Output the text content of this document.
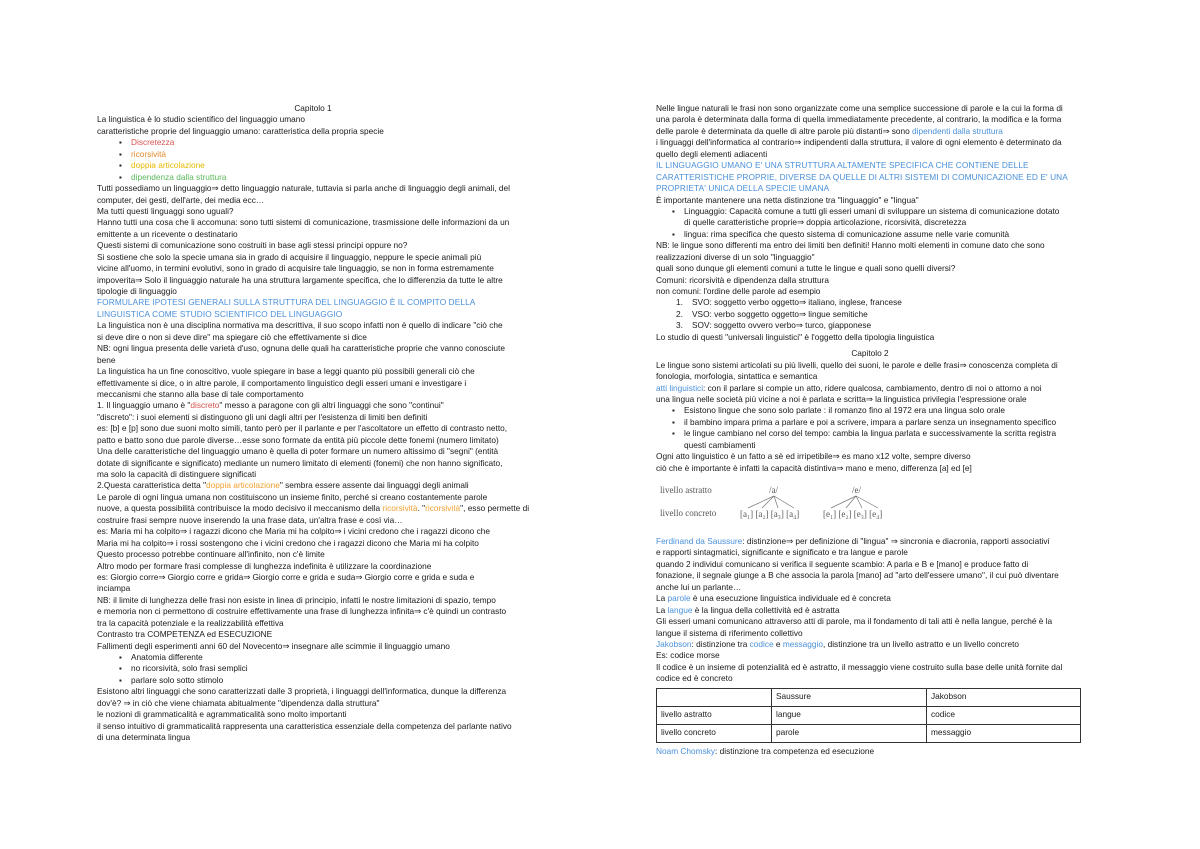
Capitolo 1
La linguistica è lo studio scientifico del linguaggio umano
caratteristiche proprie del linguaggio umano: caratteristica della propria specie
▪ Discretezza
▪ ricorsività
▪ doppia articolazione
▪ dipendenza dalla struttura
Tutti possediamo un linguaggio⇒ detto linguaggio naturale, tuttavia si parla anche di linguaggio degli animali, del
computer, dei gesti, dell'arte, dei media ecc…
Ma tutti questi linguaggi sono uguali?
Hanno tutti una cosa che li accomuna: sono tutti sistemi di comunicazione, trasmissione delle informazioni da un
emittente a un ricevente o destinatario
Questi sistemi di comunicazione sono costruiti in base agli stessi principi oppure no?
Si sostiene che solo la specie umana sia in grado di acquisire il linguaggio, neppure le specie animali più
vicine all'uomo, in termini evolutivi, sono in grado di acquisire tale linguaggio, se non in forma estremamente
impoverita⇒ Solo il linguaggio naturale ha una struttura largamente specifica, che lo differenzia da tutte le altre
tipologie di linguaggio
FORMULARE IPOTESI GENERALI SULLA STRUTTURA DEL LINGUAGGIO È IL COMPITO DELLA
LINGUISTICA COME STUDIO SCIENTIFICO DEL LINGUAGGIO
La linguistica non è una disciplina normativa ma descrittiva, il suo scopo infatti non è quello di indicare "ciò che
si deve dire o non si deve dire" ma spiegare ciò che effettivamente si dice
NB: ogni lingua presenta delle varietà d'uso, ognuna delle quali ha caratteristiche proprie che vanno conosciute
bene
La linguistica ha un fine conoscitivo, vuole spiegare in base a leggi quanto più possibili generali ciò che
effettivamente si dice, o in altre parole, il comportamento linguistico degli esseri umani e investigare i
meccanismi che stanno alla base di tale comportamento
1. Il linguaggio umano è "discreto" messo a paragone con gli altri linguaggi che sono "continui"
"discreto": i suoi elementi si distinguono gli uni dagli altri per l'esistenza di limiti ben definiti
es: [b] e [p] sono due suoni molto simili, tanto però per il parlante e per l'ascoltatore un effetto di contrasto netto,
patto e batto sono due parole diverse…esse sono formate da entità più piccole dette fonemi (numero limitato)
Una delle caratteristiche del linguaggio umano è quella di poter formare un numero altissimo di "segni" (entità
dotate di significante e significato) mediante un numero limitato di elementi (fonemi) che non hanno significato,
ma solo la capacità di distinguere significati
2.Questa caratteristica detta "doppia articolazione" sembra essere assente dai linguaggi degli animali
Le parole di ogni lingua umana non costituiscono un insieme finito, perché si creano costantemente parole
nuove, a questa possibilità contribuisce la modo decisivo il meccanismo della ricorsività. "ricorsività", esso permette di
costruire frasi sempre nuove inserendo la una frase data, un'altra frase e così via…
es: Maria mi ha colpito⇒ i ragazzi dicono che Maria mi ha colpito⇒ i vicini credono che i ragazzi dicono che
Maria mi ha colpito⇒ i rossi sostengono che i vicini credono che i ragazzi dicono che Maria mi ha colpito
Questo processo potrebbe continuare all'infinito, non c'è limite
Altro modo per formare frasi complesse di lunghezza indefinita è utilizzare la coordinazione
es: Giorgio corre⇒ Giorgio corre e grida⇒ Giorgio corre e grida e suda⇒ Giorgio corre e grida e suda e
inciampa
NB: il limite di lunghezza delle frasi non esiste in linea di principio, infatti le nostre limitazioni di spazio, tempo
e memoria non ci permettono di costruire effettivamente una frase di lunghezza infinita⇒ c'è quindi un contrasto
tra la capacità potenziale e la realizzabilità effettiva
Contrasto tra COMPETENZA ed ESECUZIONE
Fallimenti degli esperimenti anni 60 del Novecento⇒ insegnare alle scimmie il linguaggio umano
▪ Anatomia differente
▪ no ricorsività, solo frasi semplici
▪ parlare solo sotto stimolo
Esistono altri linguaggi che sono caratterizzati dalle 3 proprietà, i linguaggi dell'informatica, dunque la differenza
dov'è? ⇒ in ciò che viene chiamata abitualmente "dipendenza dalla struttura"
le nozioni di grammaticalità e agrammaticalità sono molto importanti
il senso intuitivo di grammaticalità rappresenta una caratteristica essenziale della competenza del parlante nativo
di una determinata lingua
Nelle lingue naturali le frasi non sono organizzate come una semplice successione di parole e la cui la forma di
una parola è determinata dalla forma di quella immediatamente precedente, al contrario, la modifica e la forma
delle parole è determinata da quelle di altre parole più distanti⇒ sono dipendenti dalla struttura
i linguaggi dell'informatica al contrario⇒ indipendenti dalla struttura, il valore di ogni elemento è determinato da
quello degli elementi adiacenti
IL LINGUAGGIO UMANO E' UNA STRUTTURA ALTAMENTE SPECIFICA CHE CONTIENE DELLE
CARATTERISTICHE PROPRIE, DIVERSE DA QUELLE DI ALTRI SISTEMI DI COMUNICAZIONE ED E' UNA
PROPRIETA' UNICA DELLA SPECIE UMANA
È importante mantenere una netta distinzione tra "linguaggio" e "lingua"
▪ Linguaggio: Capacità comune a tutti gli esseri umani di sviluppare un sistema di comunicazione dotato
di quelle caratteristiche proprie⇒ doppia articolazione, ricorsività, discretezza
▪ lingua: rima specifica che questo sistema di comunicazione assume nelle varie comunità
NB: le lingue sono differenti ma entro dei limiti ben definiti! Hanno molti elementi in comune dato che sono
realizzazioni diverse di un solo "linguaggio"
quali sono dunque gli elementi comuni a tutte le lingue e quali sono quelli diversi?
Comuni: ricorsività e dipendenza dalla struttura
non comuni: l'ordine delle parole ad esempio
1. SVO: soggetto verbo oggetto⇒ italiano, inglese, francese
2. VSO: verbo soggetto oggetto⇒ lingue semitiche
3. SOV: soggetto ovvero verbo⇒ turco, giapponese
Lo studio di questi "universali linguistici" è l'oggetto della tipologia linguistica
Capitolo 2
Le lingue sono sistemi articolati su più livelli, quello dei suoni, le parole e delle frasi⇒ conoscenza completa di
fonologia, morfologia, sintattica e semantica
atti linguistici: con il parlare si compie un atto, ridere qualcosa, cambiamento, dentro di noi o attorno a noi
una lingua nelle società più vicine a noi è parlata e scritta⇒ la linguistica privilegia l'espressione orale
▪ Esistono lingue che sono solo parlate : il romanzo fino al 1972 era una lingua solo orale
▪ il bambino impara prima a parlare e poi a scrivere, impara a parlare senza un insegnamento specifico
▪ le lingue cambiano nel corso del tempo: cambia la lingua parlata e successivamente la scritta registra
questi cambiamenti
Ogni atto linguistico è un fatto a sè ed irripetibile⇒ es mano x12 volte, sempre diverso
ciò che è importante è infatti la capacità distintiva⇒ mano e meno, differenza [a] ed [e]
livello astratto
livello concreto
/a/	/e/
[a₁] [a₂] [a₃] [a₄]	[e₁] [e₂] [e₃] [e₄]
Ferdinand da Saussure: distinzione⇒ per definizione di "lingua" ⇒ sincronia e diacronia, rapporti associativi
e rapporti sintagmatici, significante e significato e tra langue e parole
quando 2 individui comunicano si verifica il seguente scambio: A parla e B e [mano] e produce fatto di
fonazione, il segnale giunge a B che associa la parola [mano] ad "arto dell'essere umano", il cui può diventare
anche lui un parlante…
La parole è una esecuzione linguistica individuale ed è concreta
La langue è la lingua della collettività ed è astratta
Gli esseri umani comunicano attraverso atti di parole, ma il fondamento di tali atti è nella langue, perché è la
langue il sistema di riferimento collettivo
Jakobson: distinzione tra codice e messaggio, distinzione tra un livello astratto e un livello concreto
Es: codice morse
Il codice è un insieme di potenzialità ed è astratto, il messaggio viene costruito sulla base delle unità fornite dal
codice ed è concreto
	Saussure	Jakobson
livello astratto	langue	codice
livello concreto	parole	messaggio
Noam Chomsky: distinzione tra competenza ed esecuzione
